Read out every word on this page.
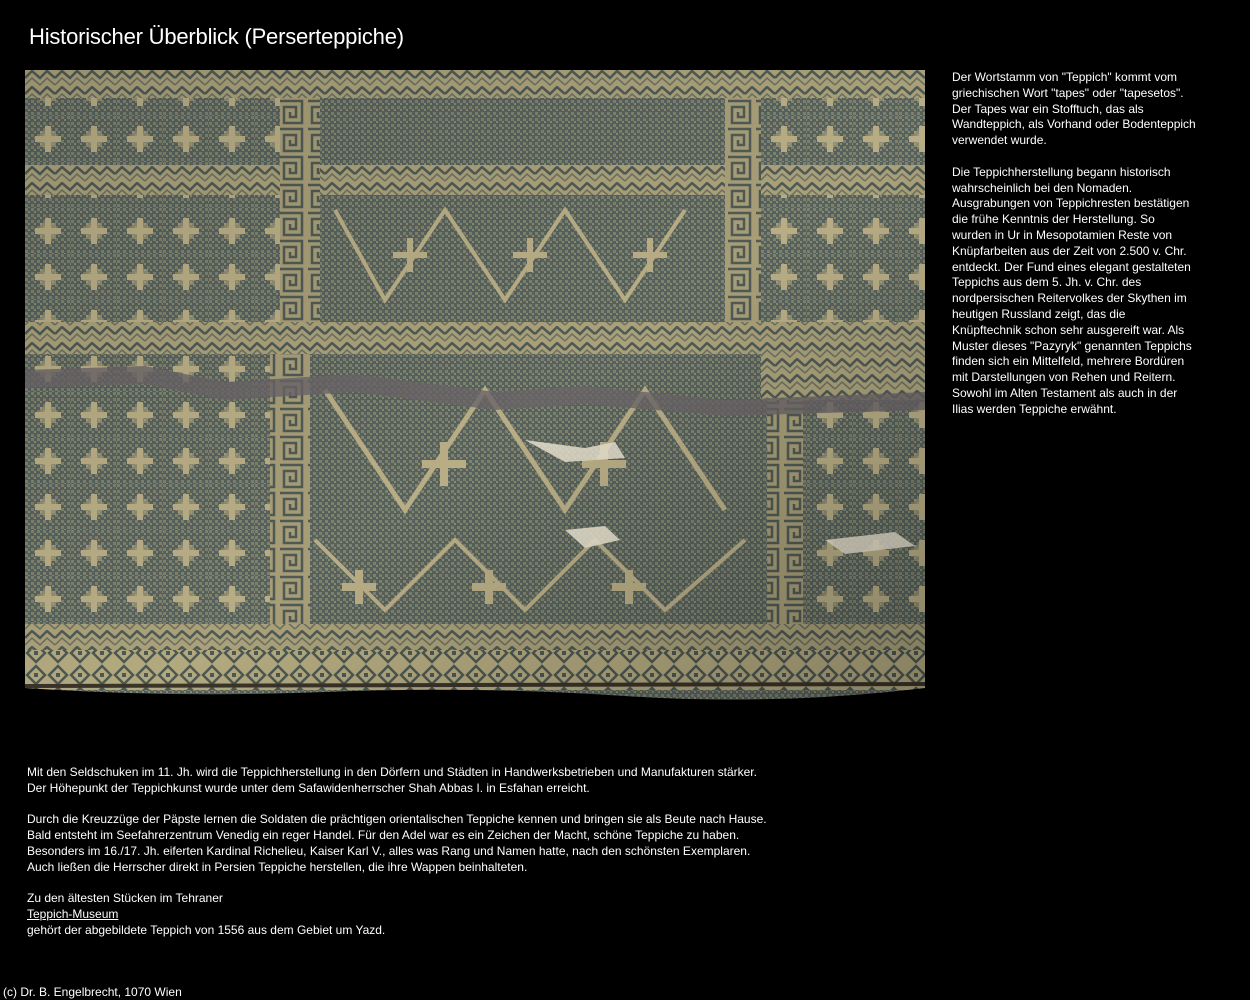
Historischer Überblick (Perserteppiche)

Der Wortstamm von "Teppich" kommt vom griechischen Wort "tapes" oder "tapesetos". Der Tapes war ein Stofftuch, das als Wandteppich, als Vorhand oder Bodenteppich verwendet wurde.

Die Teppichherstellung begann historisch wahrscheinlich bei den Nomaden. Ausgrabungen von Teppichresten bestätigen die frühe Kenntnis der Herstellung. So wurden in Ur in Mesopotamien Reste von Knüpfarbeiten aus der Zeit von 2.500 v. Chr. entdeckt. Der Fund eines elegant gestalteten Teppichs aus dem 5. Jh. v. Chr. des nordpersischen Reitervolkes der Skythen im heutigen Russland zeigt, das die Knüpftechnik schon sehr ausgereift war. Als Muster dieses "Pazyryk" genannten Teppichs finden sich ein Mittelfeld, mehrere Bordüren mit Darstellungen von Rehen und Reitern. Sowohl im Alten Testament als auch in der Ilias werden Teppiche erwähnt.

Mit den Seldschuken im 11. Jh. wird die Teppichherstellung in den Dörfern und Städten in Handwerksbetrieben und Manufakturen stärker.
Der Höhepunkt der Teppichkunst wurde unter dem Safawidenherrscher Shah Abbas I. in Esfahan erreicht.

Durch die Kreuzzüge der Päpste lernen die Soldaten die prächtigen orientalischen Teppiche kennen und bringen sie als Beute nach Hause.
Bald entsteht im Seefahrerzentrum Venedig ein reger Handel. Für den Adel war es ein Zeichen der Macht, schöne Teppiche zu haben.
Besonders im 16./17. Jh. eiferten Kardinal Richelieu, Kaiser Karl V., alles was Rang und Namen hatte, nach den schönsten Exemplaren.
Auch ließen die Herrscher direkt in Persien Teppiche herstellen, die ihre Wappen beinhalteten.

Zu den ältesten Stücken im Tehraner
Teppich-Museum
gehört der abgebildete Teppich von 1556 aus dem Gebiet um Yazd.

(c) Dr. B. Engelbrecht, 1070 Wien
